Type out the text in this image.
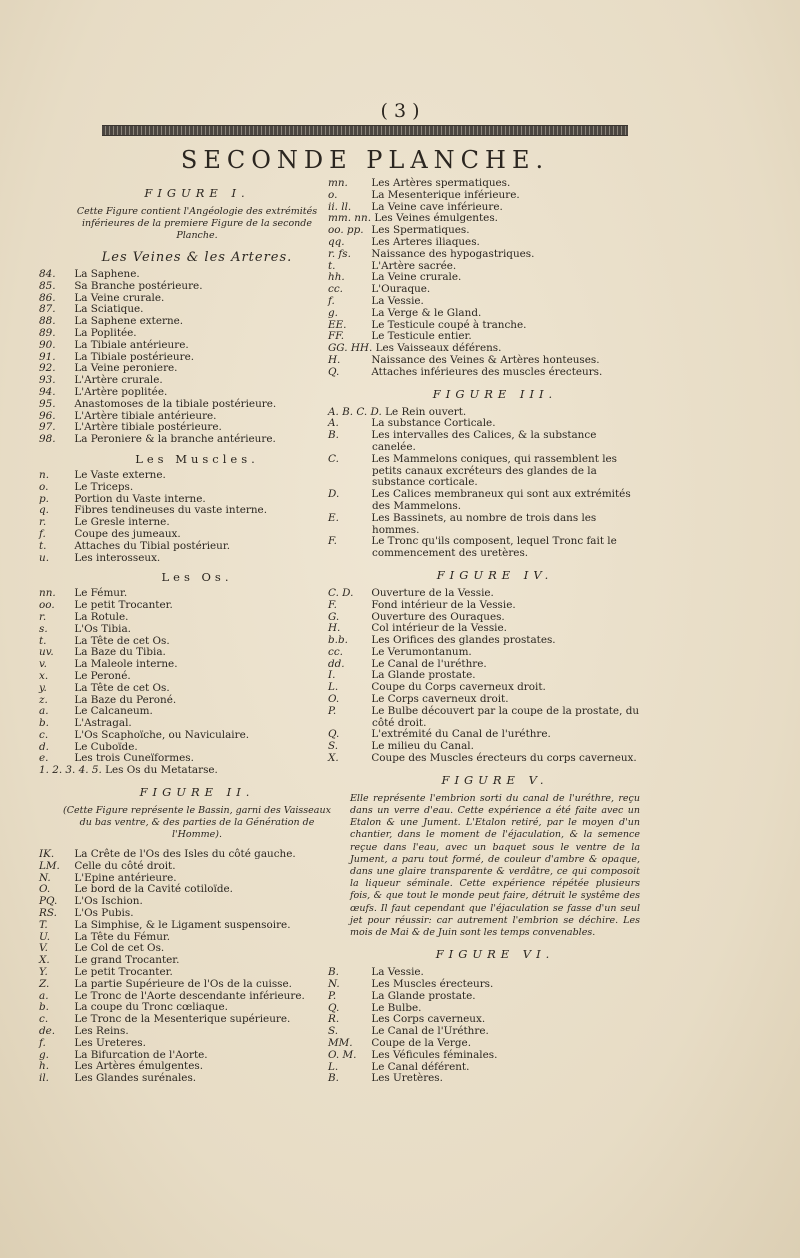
( 3 )
SECONDE PLANCHE.
FIGURE I.
Cette Figure contient l'Angéologie des extrémités inférieures de la premiere Figure de la seconde Planche.
Les Veines & les Arteres.
84. La Saphene.
85. Sa Branche postérieure.
86. La Veine crurale.
87. La Sciatique.
88. La Saphene externe.
89. La Poplitée.
90. La Tibiale antérieure.
91. La Tibiale postérieure.
92. La Veine peroniere.
93. L'Artère crurale.
94. L'Artère poplitée.
95. Anastomoses de la tibiale postérieure.
96. L'Artère tibiale antérieure.
97. L'Artère tibiale postérieure.
98. La Peroniere & la branche antérieure.
Les Muscles.
n. Le Vaste externe.
o. Le Triceps.
p. Portion du Vaste interne.
q. Fibres tendineuses du vaste interne.
r.	Le Gresle interne.
f.	Coupe des jumeaux.
t.	Attaches du Tibial postérieur.
u. Les interosseux.
Les Os.
nn. Le Fémur.
oo. Le petit Trocanter.
r.	La Rotule.
s.	L'Os Tibia.
t.	La Tête de cet Os.
uv. La Baze du Tibia.
v.	La Maleole interne.
x.	Le Peroné.
y.	La Tête de cet Os.
z.	La Baze du Peroné.
a. Le Calcaneum.
b. L'Astragal.
c.	L'Os Scaphoïche, ou Naviculaire.
d. Le Cuboïde.
e. Les trois Cuneïformes.
1. 2. 3. 4. 5. Les Os du Metatarse.
FIGURE II.
(Cette Figure représente le Bassin, garni des Vaisseaux du bas ventre, & des parties de la Génération de l'Homme).
IK. La Crête de l'Os des Isles du côté gauche.
LM. Celle du côté droit.
N. L'Epine antérieure.
O. Le bord de la Cavité cotiloïde.
PQ. L'Os Ischion.
RS. L'Os Pubis.
T.	La Simphise, & le Ligament suspensoire.
U. La Tête du Fémur.
V.	Le Col de cet Os.
X. Le grand Trocanter.
Y.	Le petit Trocanter.
Z. La partie Supérieure de l'Os de la cuisse.
a. Le Tronc de l'Aorte descendante inférieure.
b. La coupe du Tronc cœliaque.
c.	Le Tronc de la Mesenterique supérieure.
de. Les Reins.
f.	Les Ureteres.
g. La Bifurcation de l'Aorte.
h. Les Artères émulgentes.
il. Les Glandes surénales.
mn. Les Artères spermatiques.
o.	La Mesenterique inférieure.
ii. ll. La Veine cave inférieure.
mm. nn. Les Veines émulgentes.
oo. pp. Les Spermatiques.
qq.	Les Arteres iliaques.
r. fs. Naissance des hypogastriques.
t.	L'Artère sacrée.
hh.	La Veine crurale.
cc.	L'Ouraque.
f.	La Vessie.
g.	La Verge & le Gland.
EE. Le Testicule coupé à tranche.
FF.	Le Testicule entier.
GG. HH. Les Vaisseaux déférens.
H.	Naissance des Veines & Artères honteuses.
Q.	Attaches inférieures des muscles érecteurs.
FIGURE III.
A. B. C. D. Le Rein ouvert.
A.	La substance Corticale.
B.	Les intervalles des Calices, & la substance canelée.
C.	Les Mammelons coniques, qui rassemblent les petits canaux excréteurs des glandes de la substance corticale.
D.	Les Calices membraneux qui sont aux extrémités des Mammelons.
E.	Les Bassinets, au nombre de trois dans les hommes.
F.	Le Tronc qu'ils composent, lequel Tronc fait le commencement des uretères.
FIGURE IV.
C. D. Ouverture de la Vessie.
F.	Fond intérieur de la Vessie.
G.	Ouverture des Ouraques.
H.	Col intérieur de la Vessie.
b.b. Les Orifices des glandes prostates.
cc.	Le Verumontanum.
dd.	Le Canal de l'uréthre.
I.	La Glande prostate.
L.	Coupe du Corps caverneux droit.
O.	Le Corps caverneux droit.
P.	Le Bulbe découvert par la coupe de la prostate, du côté droit.
Q.	L'extrémité du Canal de l'uréthre.
S.	Le milieu du Canal.
X.	Coupe des Muscles érecteurs du corps caverneux.
FIGURE V.
Elle représente l'embrion sorti du canal de l'uréthre, reçu dans un verre d'eau. Cette expérience a été faite avec un Etalon & une Jument. L'Etalon retiré, par le moyen d'un chantier, dans le moment de l'éjaculation, & la semence reçue dans l'eau, avec un baquet sous le ventre de la Jument, a paru tout formé, de couleur d'ambre & opaque, dans une glaire transparente & verdâtre, ce qui composoit la liqueur séminale. Cette expérience répétée plusieurs fois, & que tout le monde peut faire, détruit le systême des œufs. Il faut cependant que l'éjaculation se fasse d'un seul jet pour réussir: car autrement l'embrion se déchire. Les mois de Mai & de Juin sont les temps convenables.
FIGURE VI.
B.	La Vessie.
N.	Les Muscles érecteurs.
P.	La Glande prostate.
Q.	Le Bulbe.
R.	Les Corps caverneux.
S.	Le Canal de l'Uréthre.
MM. Coupe de la Verge.
O. M. Les Véficules féminales.
L.	Le Canal déférent.
B.	Les Uretères.
